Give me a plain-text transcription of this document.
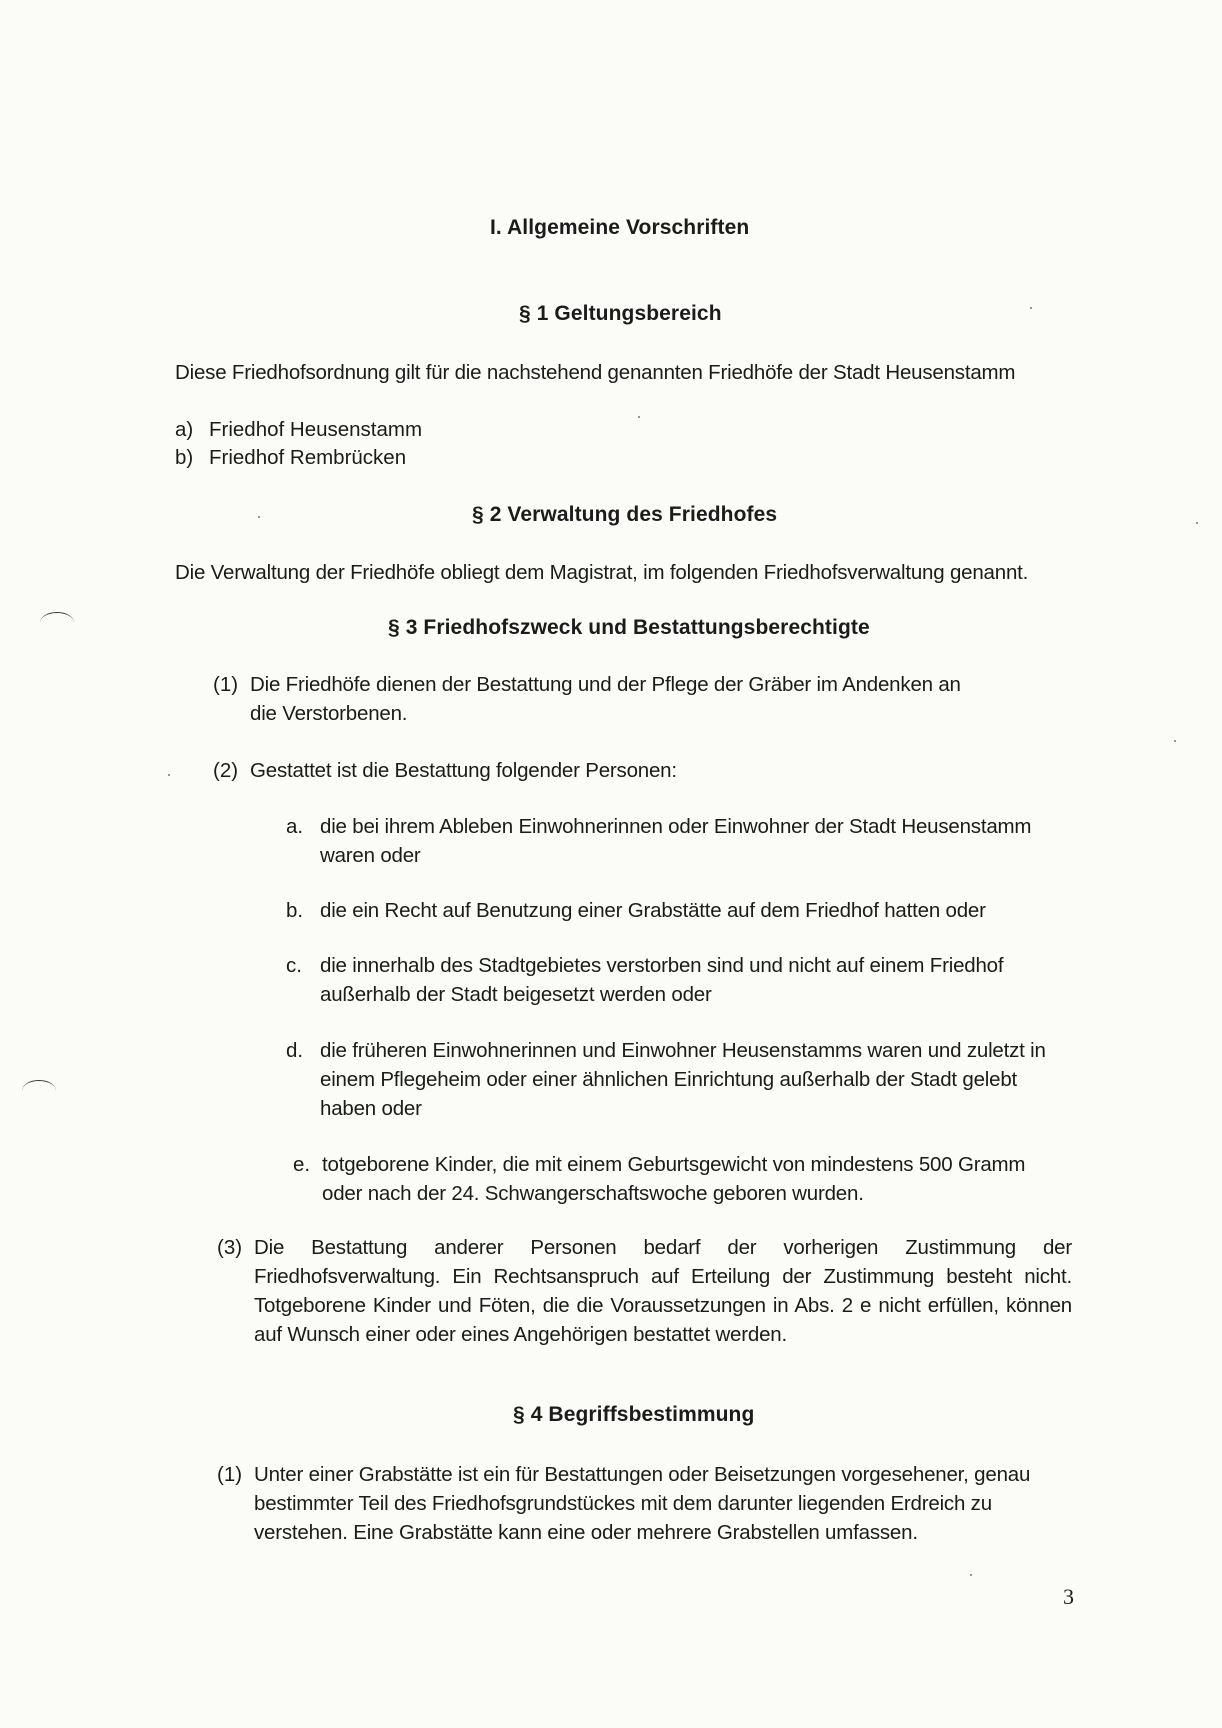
I. Allgemeine Vorschriften
§ 1 Geltungsbereich
Diese Friedhofsordnung gilt für die nachstehend genannten Friedhöfe der Stadt Heusenstamm
a) Friedhof Heusenstamm
b) Friedhof Rembrücken
§ 2 Verwaltung des Friedhofes
Die Verwaltung der Friedhöfe obliegt dem Magistrat, im folgenden Friedhofsverwaltung genannt.
§ 3 Friedhofszweck und Bestattungsberechtigte
(1) Die Friedhöfe dienen der Bestattung und der Pflege der Gräber im Andenken an die Verstorbenen.
(2) Gestattet ist die Bestattung folgender Personen:
a. die bei ihrem Ableben Einwohnerinnen oder Einwohner der Stadt Heusenstamm waren oder
b. die ein Recht auf Benutzung einer Grabstätte auf dem Friedhof hatten oder
c. die innerhalb des Stadtgebietes verstorben sind und nicht auf einem Friedhof außerhalb der Stadt beigesetzt werden oder
d. die früheren Einwohnerinnen und Einwohner Heusenstamms waren und zuletzt in einem Pflegeheim oder einer ähnlichen Einrichtung außerhalb der Stadt gelebt haben oder
e. totgeborene Kinder, die mit einem Geburtsgewicht von mindestens 500 Gramm oder nach der 24. Schwangerschaftswoche geboren wurden.
(3) Die Bestattung anderer Personen bedarf der vorherigen Zustimmung der Friedhofsverwaltung. Ein Rechtsanspruch auf Erteilung der Zustimmung besteht nicht. Totgeborene Kinder und Föten, die die Voraussetzungen in Abs. 2 e nicht erfüllen, können auf Wunsch einer oder eines Angehörigen bestattet werden.
§ 4 Begriffsbestimmung
(1) Unter einer Grabstätte ist ein für Bestattungen oder Beisetzungen vorgesehener, genau bestimmter Teil des Friedhofsgrundstückes mit dem darunter liegenden Erdreich zu verstehen. Eine Grabstätte kann eine oder mehrere Grabstellen umfassen.
3
